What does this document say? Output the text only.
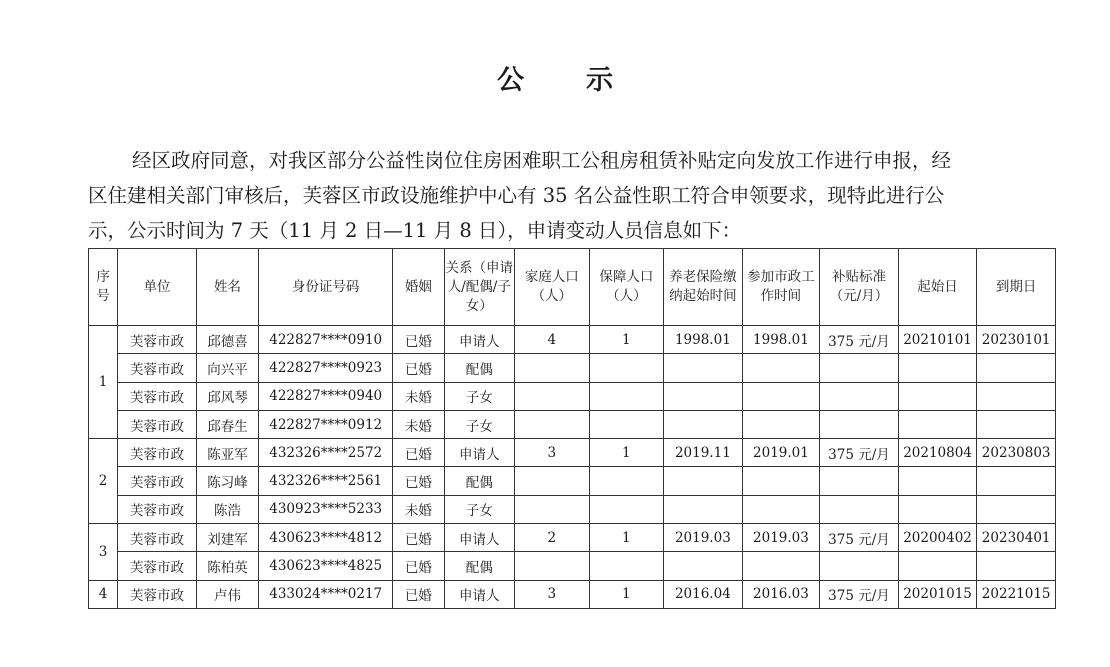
公 示
经区政府同意，对我区部分公益性岗位住房困难职工公租房租赁补贴定向发放工作进行申报，经
区住建相关部门审核后，芙蓉区市政设施维护中心有 35 名公益性职工符合申领要求，现特此进行公
示，公示时间为 7 天（11 月 2 日—11 月 8 日），申请变动人员信息如下：
序号	单位	姓名	身份证号码	婚姻	关系（申请人/配偶/子女）	家庭人口（人）	保障人口（人）	养老保险缴纳起始时间	参加市政工作时间	补贴标准（元/月）	起始日	到期日
1	芙蓉市政	邱德喜	422827****0910	已婚	申请人	4	1	1998.01	1998.01	375 元/月	20210101	20230101
	芙蓉市政	向兴平	422827****0923	已婚	配偶							
	芙蓉市政	邱风琴	422827****0940	未婚	子女							
	芙蓉市政	邱春生	422827****0912	未婚	子女							
2	芙蓉市政	陈亚军	432326****2572	已婚	申请人	3	1	2019.11	2019.01	375 元/月	20210804	20230803
	芙蓉市政	陈习峰	432326****2561	已婚	配偶							
	芙蓉市政	陈浩	430923****5233	未婚	子女							
3	芙蓉市政	刘建军	430623****4812	已婚	申请人	2	1	2019.03	2019.03	375 元/月	20200402	20230401
	芙蓉市政	陈柏英	430623****4825	已婚	配偶							
4	芙蓉市政	卢伟	433024****0217	已婚	申请人	3	1	2016.04	2016.03	375 元/月	20201015	20221015
